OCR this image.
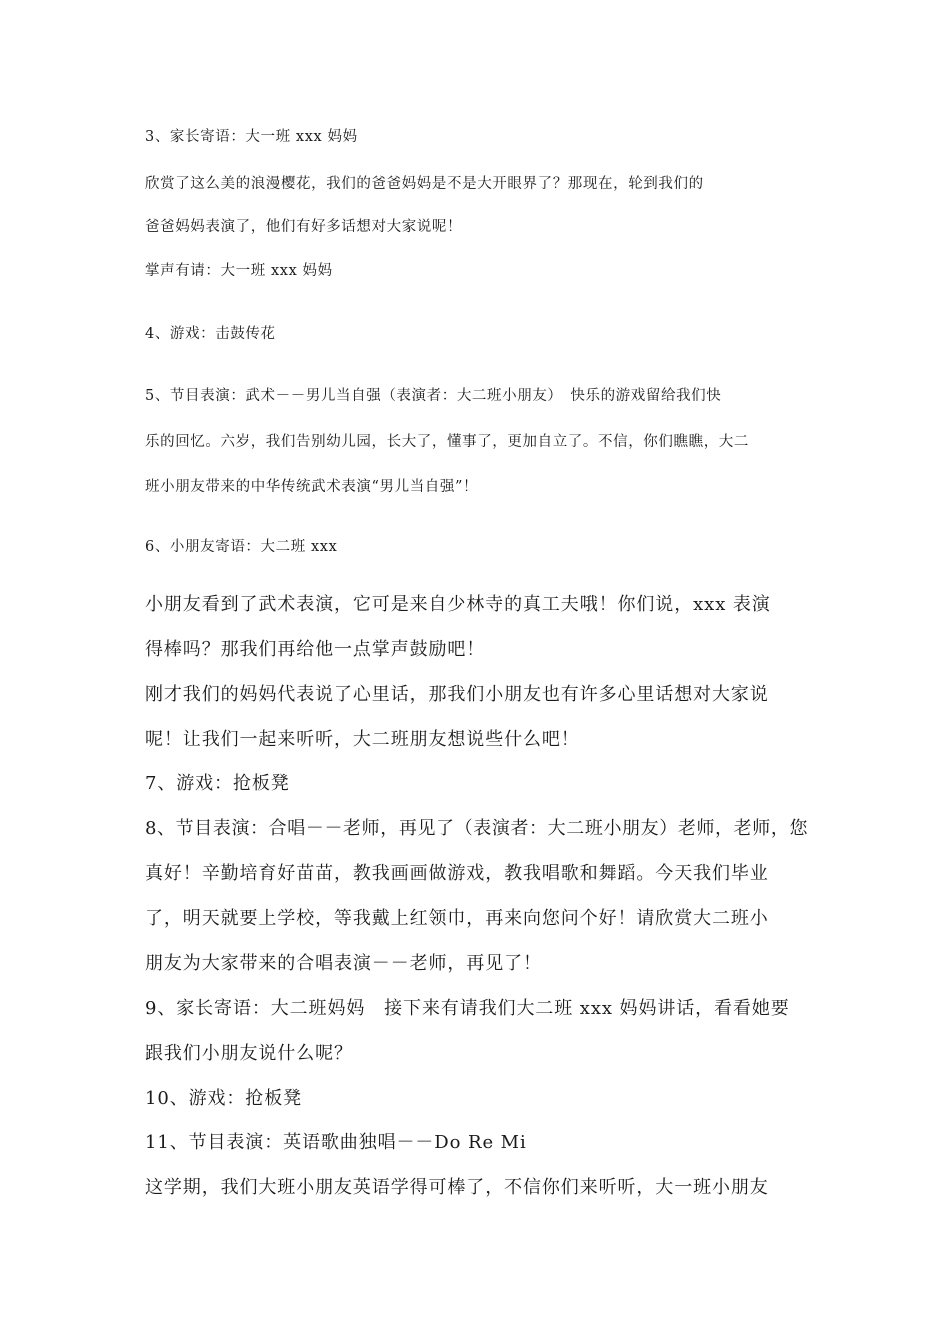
3、家长寄语：大一班 xxx 妈妈

欣赏了这么美的浪漫樱花，我们的爸爸妈妈是不是大开眼界了？那现在，轮到我们的

爸爸妈妈表演了，他们有好多话想对大家说呢！

掌声有请：大一班 xxx 妈妈

4、游戏：击鼓传花

5、节目表演：武术－－男儿当自强（表演者：大二班小朋友）　快乐的游戏留给我们快

乐的回忆。六岁，我们告别幼儿园，长大了，懂事了，更加自立了。不信，你们瞧瞧，大二

班小朋友带来的中华传统武术表演“男儿当自强”！

6、小朋友寄语：大二班 xxx

小朋友看到了武术表演，它可是来自少林寺的真工夫哦！你们说，xxx 表演

得棒吗？那我们再给他一点掌声鼓励吧！

刚才我们的妈妈代表说了心里话，那我们小朋友也有许多心里话想对大家说

呢！让我们一起来听听，大二班朋友想说些什么吧！

7、游戏：抢板凳

8、节目表演：合唱－－老师，再见了（表演者：大二班小朋友）老师，老师，您

真好！辛勤培育好苗苗，教我画画做游戏，教我唱歌和舞蹈。今天我们毕业

了，明天就要上学校，等我戴上红领巾，再来向您问个好！请欣赏大二班小

朋友为大家带来的合唱表演－－老师，再见了！

9、家长寄语：大二班妈妈　接下来有请我们大二班 xxx 妈妈讲话，看看她要

跟我们小朋友说什么呢？

10、游戏：抢板凳

11、节目表演：英语歌曲独唱－－Do Re Mi

这学期，我们大班小朋友英语学得可棒了，不信你们来听听，大一班小朋友
